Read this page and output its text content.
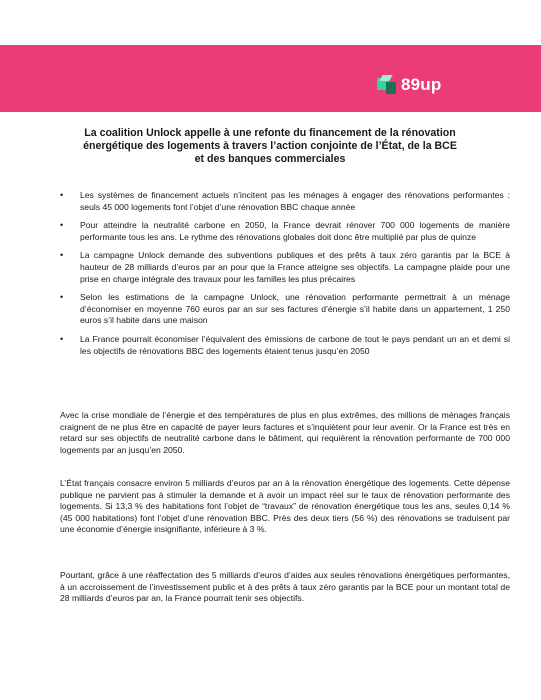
89up
La coalition Unlock appelle à une refonte du financement de la rénovation
énergétique des logements à travers l’action conjointe de l’État, de la BCE
et des banques commerciales
• Les systèmes de financement actuels n’incitent pas les ménages à engager des rénovations performantes : seuls 45 000 logements font l’objet d’une rénovation BBC chaque année
• Pour atteindre la neutralité carbone en 2050, la France devrait rénover 700 000 logements de manière performante tous les ans. Le rythme des rénovations globales doit donc être multiplié par plus de quinze
• La campagne Unlock demande des subventions publiques et des prêts à taux zéro garantis par la BCE à hauteur de 28 milliards d’euros par an pour que la France atteigne ses objectifs. La campagne plaide pour une prise en charge intégrale des travaux pour les familles les plus précaires
• Selon les estimations de la campagne Unlock, une rénovation performante permettrait à un ménage d’économiser en moyenne 760 euros par an sur ses factures d’énergie s’il habite dans un appartement, 1 250 euros s’il habite dans une maison
• La France pourrait économiser l’équivalent des émissions de carbone de tout le pays pendant un an et demi si les objectifs de rénovations BBC des logements étaient tenus jusqu’en 2050

Avec la crise mondiale de l’énergie et des températures de plus en plus extrêmes, des millions de ménages français craignent de ne plus être en capacité de payer leurs factures et s’inquiètent pour leur avenir. Or la France est très en retard sur ses objectifs de neutralité carbone dans le bâtiment, qui requièrent la rénovation performante de 700 000 logements par an jusqu’en 2050.

L’État français consacre environ 5 milliards d’euros par an à la rénovation énergétique des logements. Cette dépense publique ne parvient pas à stimuler la demande et à avoir un impact réel sur le taux de rénovation performante des logements. Si 13,3 % des habitations font l’objet de “travaux” de rénovation énergétique tous les ans, seules 0,14 % (45 000 habitations) font l’objet d’une rénovation BBC. Près des deux tiers (56 %) des rénovations se traduisent par une économie d’énergie insignifiante, inférieure à 3 %.

Pourtant, grâce à une réaffectation des 5 milliards d’euros d’aides aux seules rénovations énergétiques performantes, à un accroissement de l’investissement public et à des prêts à taux zéro garantis par la BCE pour un montant total de 28 milliards d’euros par an, la France pourrait tenir ses objectifs.
